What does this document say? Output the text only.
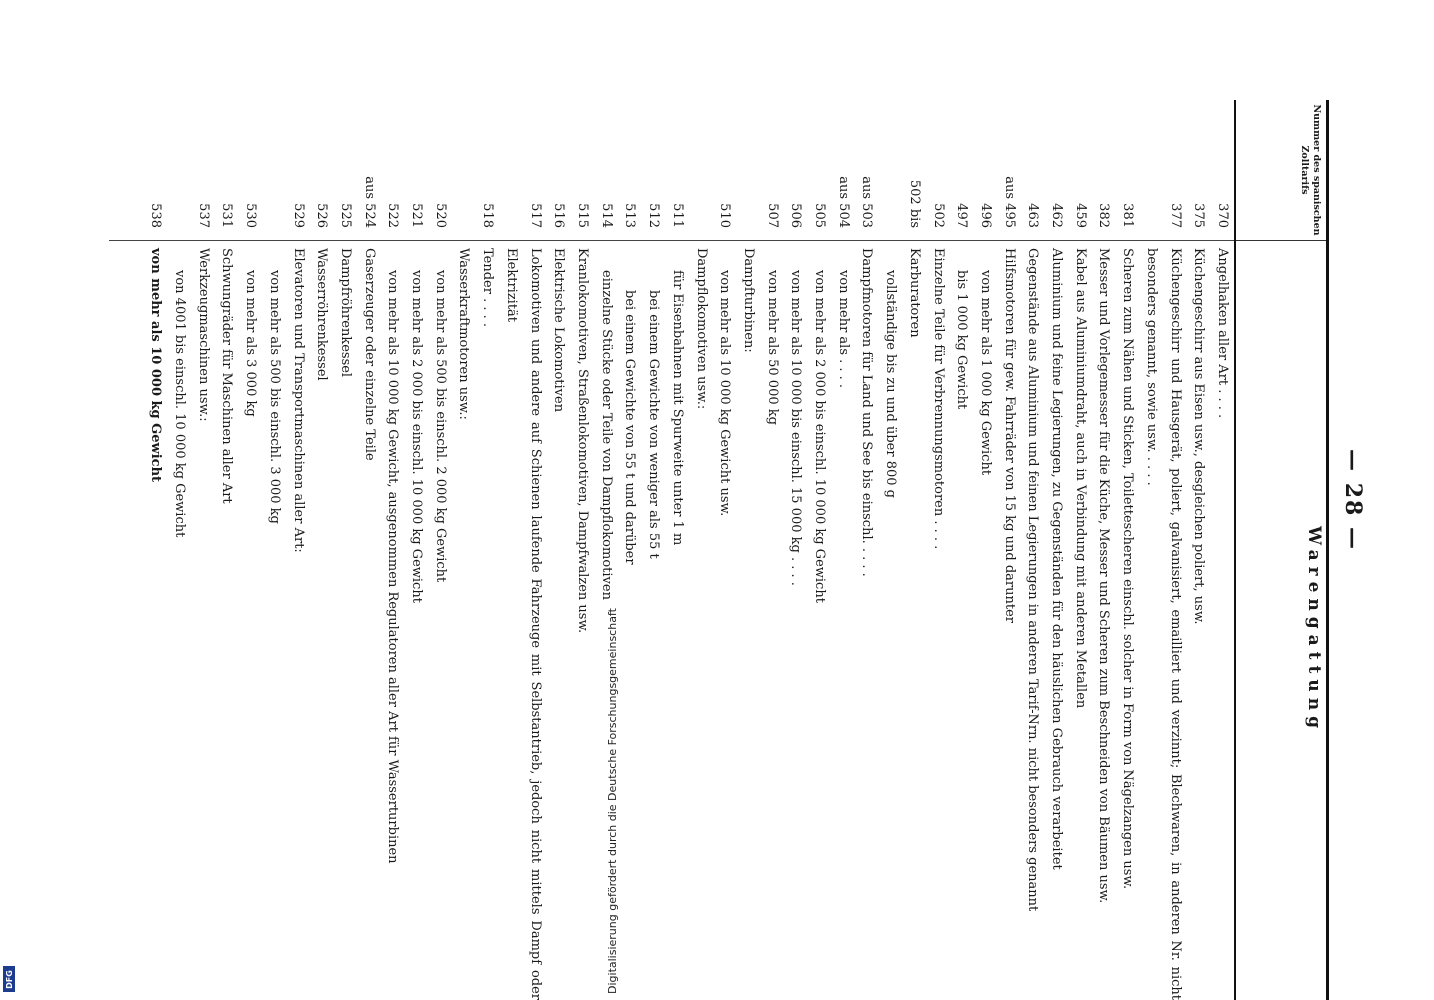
— 28 —
Warengattung
Nummer des spanischen Zolltarifs
370
Angelhaken aller Art . . . .
375
Küchengeschirr aus Eisen usw., desgleichen poliert, usw.
377
Küchengeschirr und Hausgerät, poliert, galvanisiert, emailliert und verzinnt; Blechwaren, in anderen Nr. nicht besonders genannt, sowie usw. . . . .
381
Scheren zum Nähen und Sticken, Toilettescheren einschl. solcher in Form von Nägelzangen usw.
382
Messer und Vorlegemesser für die Küche, Messer und Scheren zum Beschneiden von Bäumen usw.
459
Kabel aus Aluminiumdraht, auch in Verbindung mit anderen Metallen
462
Aluminium und feine Legierungen, zu Gegenständen für den häuslichen Gebrauch verarbeitet
463
Gegenstände aus Aluminium und feinen Legierungen in anderen Tarif-Nrn. nicht besonders genannt
aus 495
Hilfsmotoren für gew. Fahrräder von 15 kg und darunter
496
von mehr als 1 000 kg Gewicht
497
bis 1 000 kg Gewicht
502
Einzelne Teile für Verbrennungsmotoren . . . .
502 bis
Karburatoren
vollständige bis zu und über 800 g
aus 503
Dampfmotoren für Land und See bis einschl. . . . .
aus 504
von mehr als . . . .
505
von mehr als 2 000 bis einschl. 10 000 kg Gewicht
506
von mehr als 10 000 bis einschl. 15 000 kg . . . .
507
von mehr als 50 000 kg
Dampfturbinen:
510
von mehr als 10 000 kg Gewicht usw.
Dampflokomotiven usw.:
511
für Eisenbahnen mit Spurweite unter 1 m
512
bei einem Gewichte von weniger als 55 t
513
bei einem Gewichte von 55 t und darüber
514
einzelne Stücke oder Teile von Dampflokomotiven
515
Kranlokomotiven, Straßenlokomotiven, Dampfwalzen usw.
516
Elektrische Lokomotiven
517
Lokomotiven und andere auf Schienen laufende Fahrzeuge mit Selbstantrieb, jedoch nicht mittels Dampf oder Elektrizität
518
Tender . . . .
Wasserkraftmotoren usw.:
520
von mehr als 500 bis einschl. 2 000 kg Gewicht
521
von mehr als 2 000 bis einschl. 10 000 kg Gewicht
522
von mehr als 10 000 kg Gewicht, ausgenommen Regulatoren aller Art für Wasserturbinen
aus 524
Gaserzeuger oder einzelne Teile
525
Dampfröhrenkessel
526
Wasserröhrenkessel
529
Elevatoren und Transportmaschinen aller Art:
von mehr als 500 bis einschl. 3 000 kg
530
von mehr als 3 000 kg
531
Schwungräder für Maschinen aller Art
537
Werkzeugmaschinen usw.:
von 4001 bis einschl. 10 000 kg Gewicht
538
von mehr als 10 000 kg Gewicht
Digitalisierung gefördert durch die Deutsche Forschungsgemeinschaft
DFG
